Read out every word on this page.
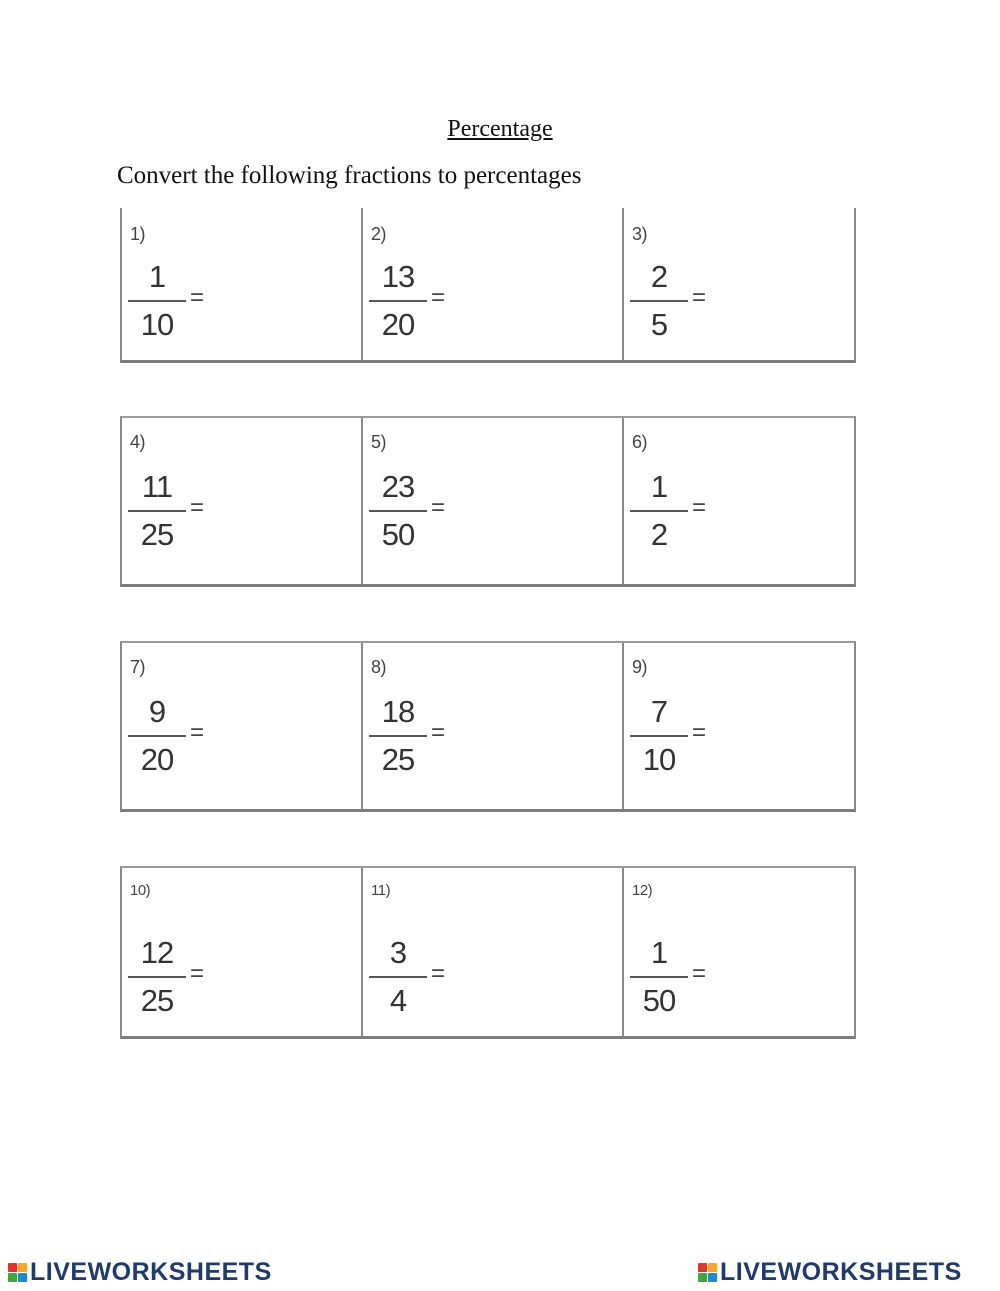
Percentage
Convert the following fractions to percentages
1)
1
10
=
2)
13
20
=
3)
2
5
=
4)
11
25
=
5)
23
50
=
6)
1
2
=
7)
9
20
=
8)
18
25
=
9)
7
10
=
10)
12
25
=
11)
3
4
=
12)
1
50
=
LIVEWORKSHEETS	LIVEWORKSHEETS
